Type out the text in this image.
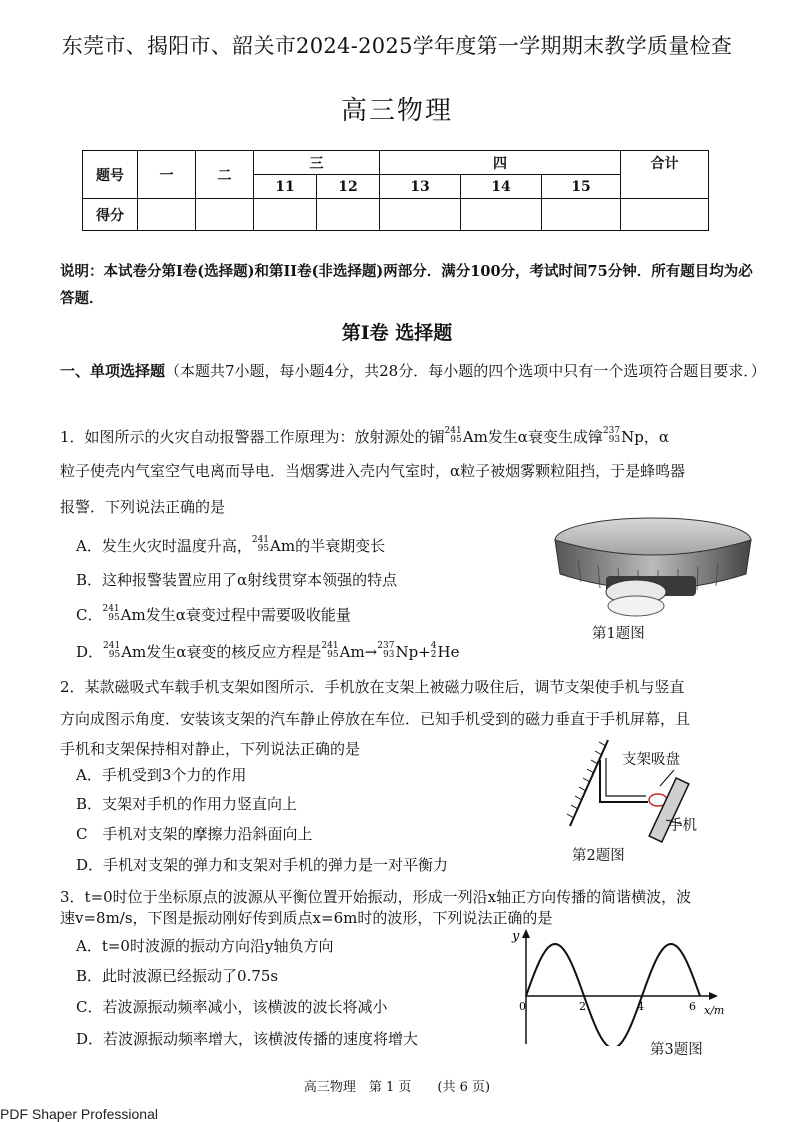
东莞市、揭阳市、韶关市2024-2025学年度第一学期期末教学质量检查
高三物理
题号	一	二	三		四			合计
			11	12	13	14	15	
得分								
说明：本试卷分第I卷(选择题)和第II卷(非选择题)两部分．满分100分，考试时间75分钟．所有题目均为必答题．
第I卷 选择题
一、单项选择题（本题共7小题，每小题4分，共28分．每小题的四个选项中只有一个选项符合题目要求．）
1．如图所示的火灾自动报警器工作原理为：放射源处的镅 241
95 Am发生α衰变生成镎 237
93 Np，α
粒子使壳内气室空气电离而导电．当烟雾进入壳内气室时，α粒子被烟雾颗粒阻挡，于是蜂鸣器
报警．下列说法正确的是
A．发生火灾时温度升高， 241
95 Am的半衰期变长
B．这种报警装置应用了α射线贯穿本领强的特点
C． 241
95 Am发生α衰变过程中需要吸收能量
D． 241
95 Am发生α衰变的核反应方程是 241
95 Am→ 237
93 Np+ 4
2 He
第1题图
2．某款磁吸式车载手机支架如图所示．手机放在支架上被磁力吸住后，调节支架使手机与竖直
方向成图示角度．安装该支架的汽车静止停放在车位．已知手机受到的磁力垂直于手机屏幕，且
手机和支架保持相对静止，下列说法正确的是
A．手机受到3个力的作用
B．支架对手机的作用力竖直向上
C　手机对支架的摩擦力沿斜面向上
D．手机对支架的弹力和支架对手机的弹力是一对平衡力
支架吸盘
手机
第2题图
3．t=0时位于坐标原点的波源从平衡位置开始振动，形成一列沿x轴正方向传播的简谐横波，波
速v=8m/s，下图是振动刚好传到质点x=6m时的波形，下列说法正确的是
A．t=0时波源的振动方向沿y轴负方向
B．此时波源已经振动了0.75s
C．若波源振动频率减小，该横波的波长将减小
D．若波源振动频率增大，该横波传播的速度将增大
y
x/m
0	2	4	6
第3题图
高三物理　第 1 页　　(共 6 页)
PDF Shaper Professional
